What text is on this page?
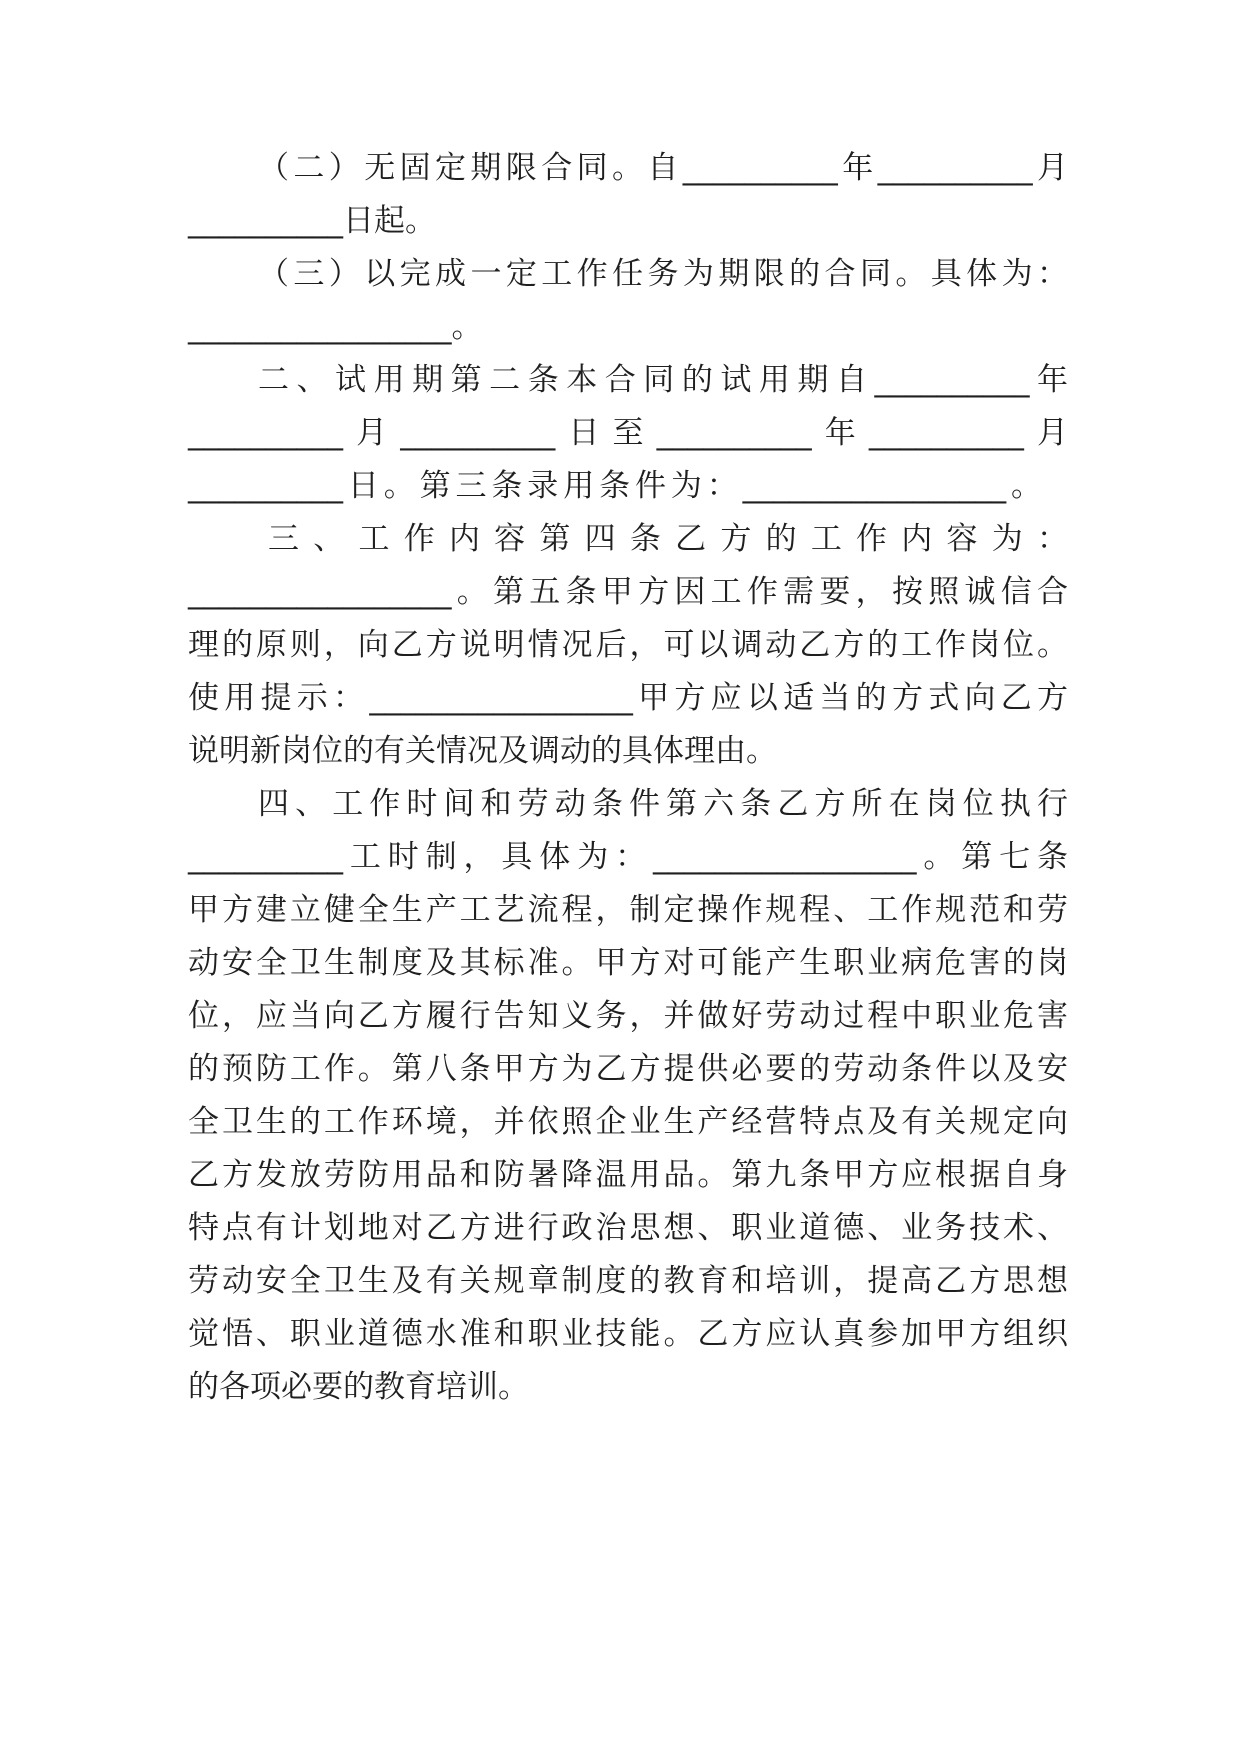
（二）无固定期限合同。自__________年__________月
__________日起。
（三）以完成一定工作任务为期限的合同。具体为：
_________________。
二、试用期第二条本合同的试用期自__________年
__________月__________日至__________年__________月
__________日。第三条录用条件为：_________________。
三、工作内容第四条乙方的工作内容为：
_________________。第五条甲方因工作需要，按照诚信合
理的原则，向乙方说明情况后，可以调动乙方的工作岗位。
使用提示：_________________甲方应以适当的方式向乙方
说明新岗位的有关情况及调动的具体理由。
四、工作时间和劳动条件第六条乙方所在岗位执行
__________工时制，具体为：_________________。第七条
甲方建立健全生产工艺流程，制定操作规程、工作规范和劳
动安全卫生制度及其标准。甲方对可能产生职业病危害的岗
位，应当向乙方履行告知义务，并做好劳动过程中职业危害
的预防工作。第八条甲方为乙方提供必要的劳动条件以及安
全卫生的工作环境，并依照企业生产经营特点及有关规定向
乙方发放劳防用品和防暑降温用品。第九条甲方应根据自身
特点有计划地对乙方进行政治思想、职业道德、业务技术、
劳动安全卫生及有关规章制度的教育和培训，提高乙方思想
觉悟、职业道德水准和职业技能。乙方应认真参加甲方组织
的各项必要的教育培训。
